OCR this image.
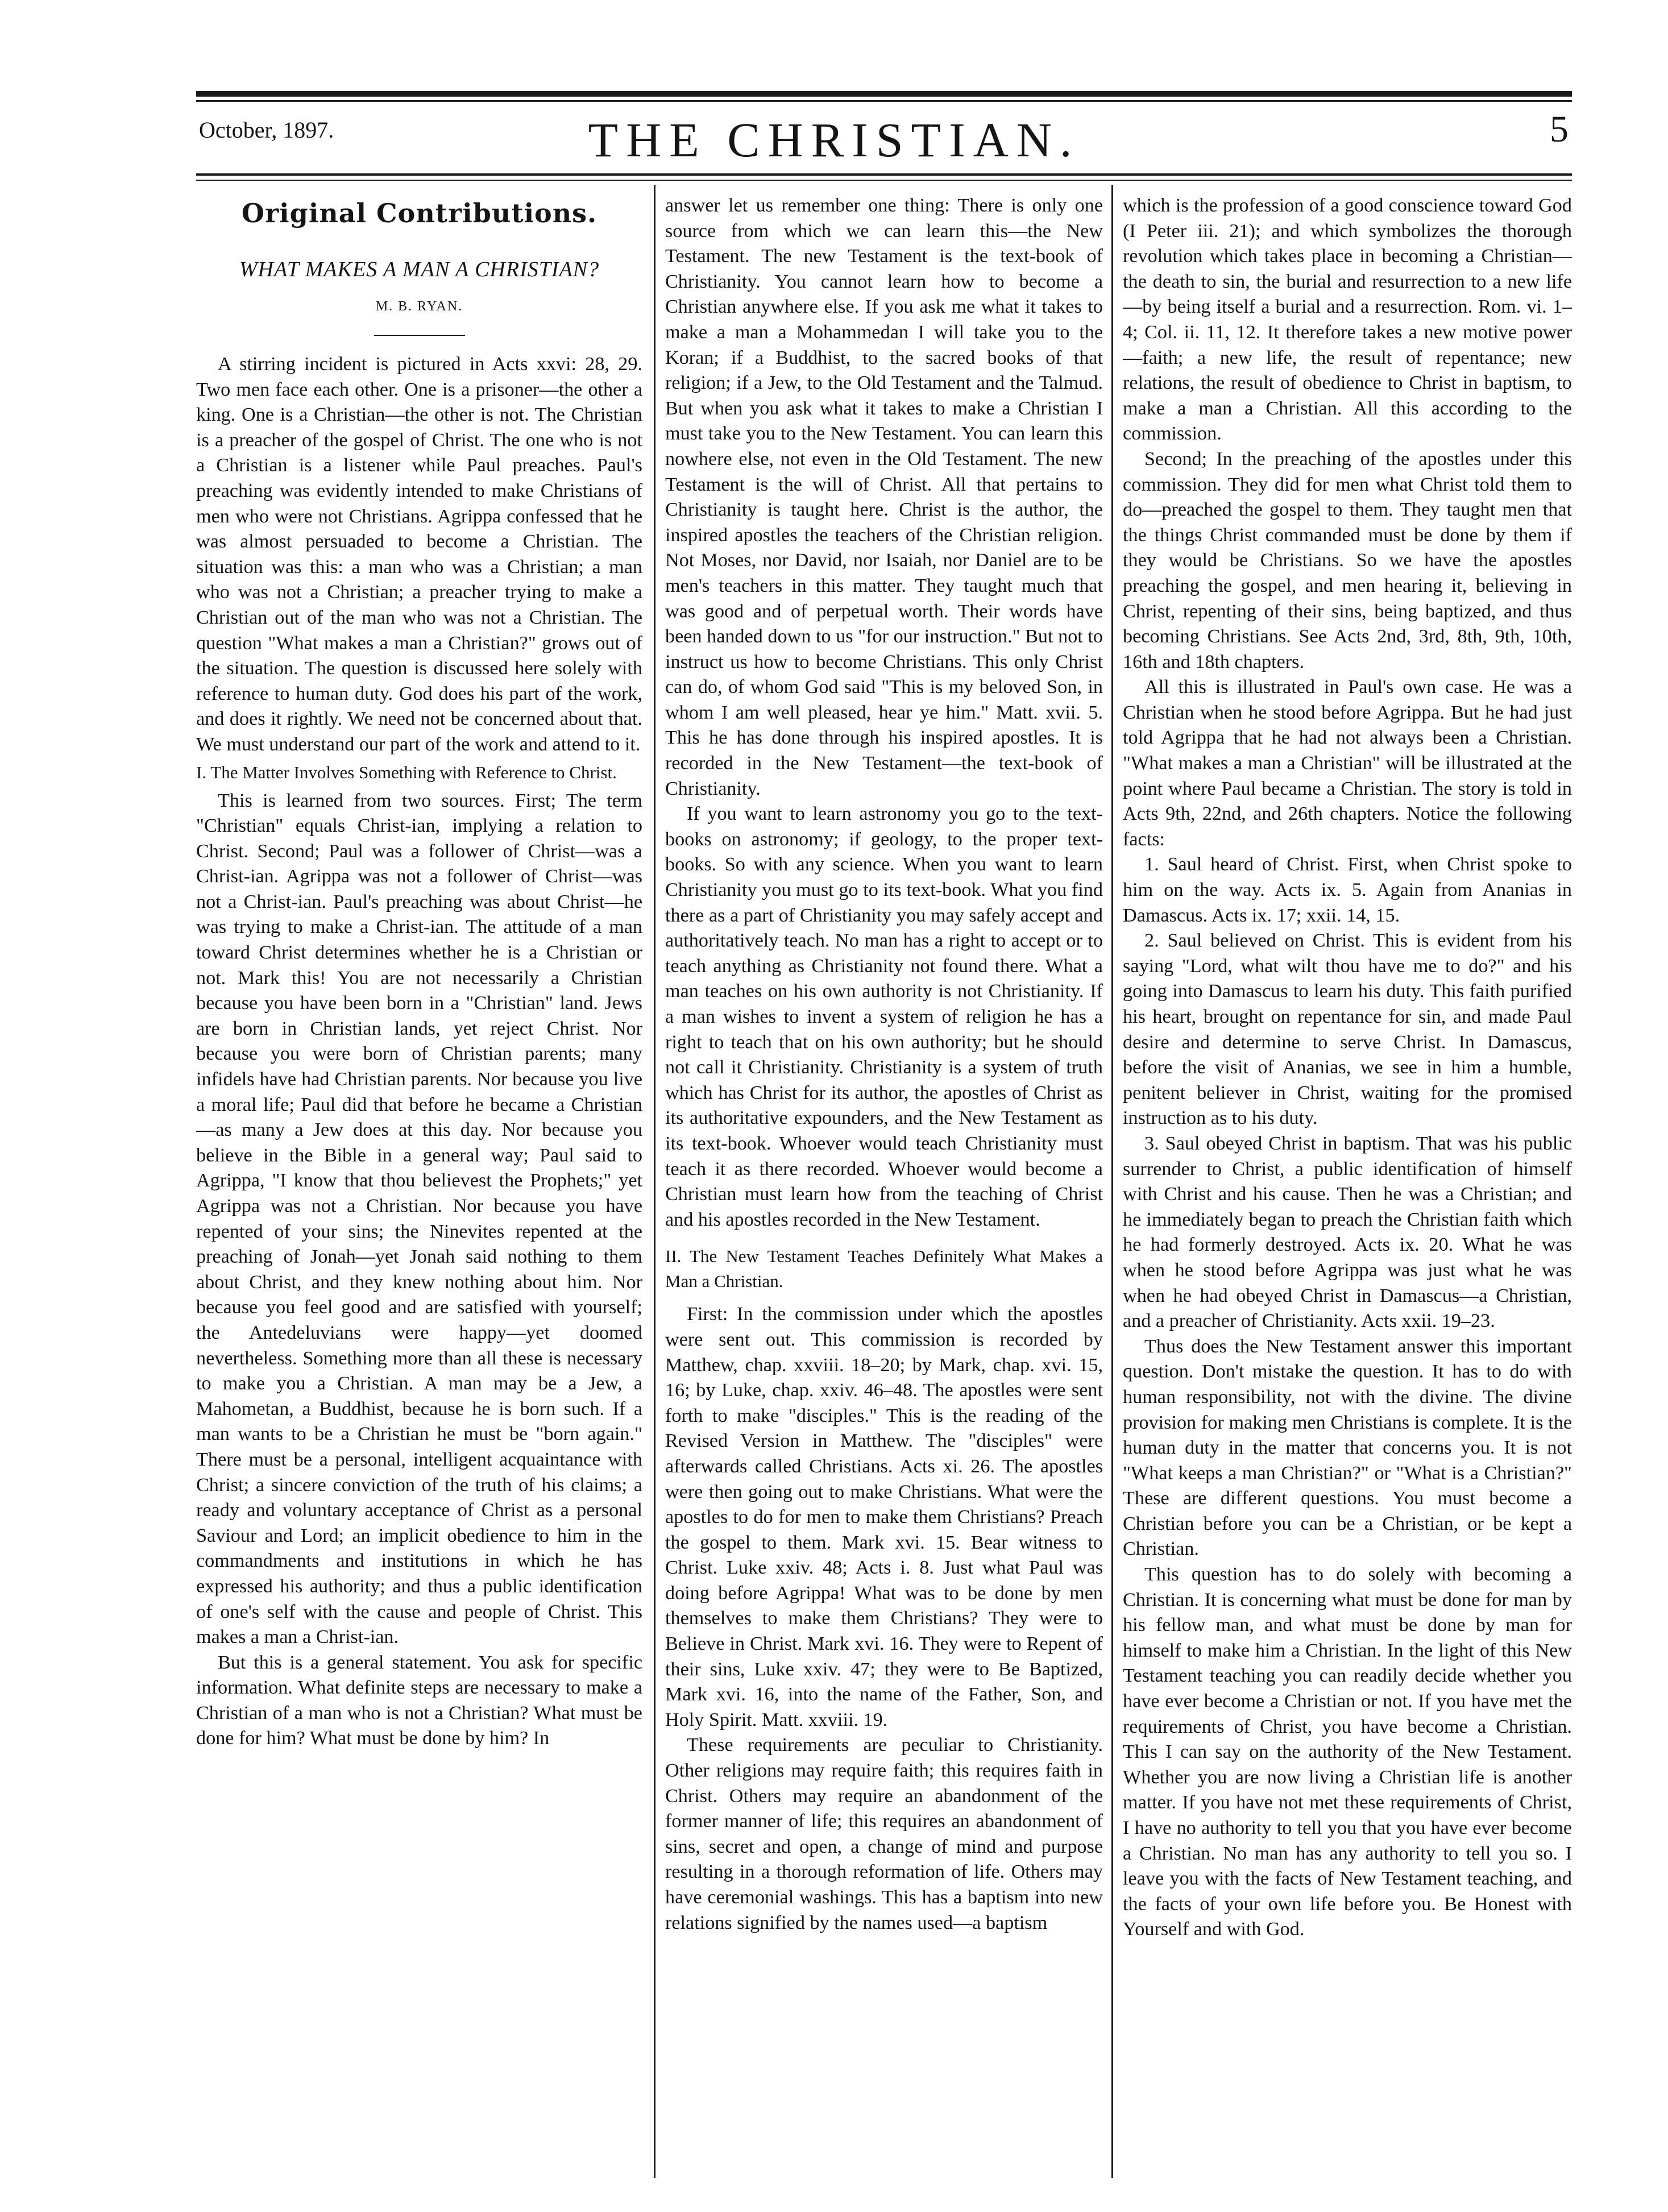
October, 1897.	THE CHRISTIAN.	5
Original Contributions.
WHAT MAKES A MAN A CHRISTIAN?
M. B. RYAN.

A stirring incident is pictured in Acts xxvi: 28, 29. Two men face each other. One is a prisoner—the other a king. One is a Christian—the other is not. The Christian is a preacher of the gospel of Christ. The one who is not a Christian is a listener while Paul preaches. Paul's preaching was evidently intended to make Christians of men who were not Christians. Agrippa confessed that he was almost persuaded to become a Christian. The situation was this: a man who was a Christian; a man who was not a Christian; a preacher trying to make a Christian out of the man who was not a Christian. The question "What makes a man a Christian?" grows out of the situation. The question is discussed here solely with reference to human duty. God does his part of the work, and does it rightly. We need not be concerned about that. We must understand our part of the work and attend to it.

I. The Matter Involves Something with Reference to Christ.

This is learned from two sources. First; The term "Christian" equals Christ-ian, implying a relation to Christ. Second; Paul was a follower of Christ—was a Christ-ian. Agrippa was not a follower of Christ—was not a Christ-ian. Paul's preaching was about Christ—he was trying to make a Christ-ian. The attitude of a man toward Christ determines whether he is a Christian or not. Mark this! You are not necessarily a Christian because you have been born in a "Christian" land. Jews are born in Christian lands, yet reject Christ. Nor because you were born of Christian parents; many infidels have had Christian parents. Nor because you live a moral life; Paul did that before he became a Christian—as many a Jew does at this day. Nor because you believe in the Bible in a general way; Paul said to Agrippa, "I know that thou believest the Prophets;" yet Agrippa was not a Christian. Nor because you have repented of your sins; the Ninevites repented at the preaching of Jonah—yet Jonah said nothing to them about Christ, and they knew nothing about him. Nor because you feel good and are satisfied with yourself; the Antedeluvians were happy—yet doomed nevertheless. Something more than all these is necessary to make you a Christian. A man may be a Jew, a Mahometan, a Buddhist, because he is born such. If a man wants to be a Christian he must be "born again." There must be a personal, intelligent acquaintance with Christ; a sincere conviction of the truth of his claims; a ready and voluntary acceptance of Christ as a personal Saviour and Lord; an implicit obedience to him in the commandments and institutions in which he has expressed his authority; and thus a public identification of one's self with the cause and people of Christ. This makes a man a Christ-ian.

But this is a general statement. You ask for specific information. What definite steps are necessary to make a Christian of a man who is not a Christian? What must be done for him? What must be done by him? In

answer let us remember one thing: There is only one source from which we can learn this—the New Testament. The new Testament is the text-book of Christianity. You cannot learn how to become a Christian anywhere else. If you ask me what it takes to make a man a Mohammedan I will take you to the Koran; if a Buddhist, to the sacred books of that religion; if a Jew, to the Old Testament and the Talmud. But when you ask what it takes to make a Christian I must take you to the New Testament. You can learn this nowhere else, not even in the Old Testament. The new Testament is the will of Christ. All that pertains to Christianity is taught here. Christ is the author, the inspired apostles the teachers of the Christian religion. Not Moses, nor David, nor Isaiah, nor Daniel are to be men's teachers in this matter. They taught much that was good and of perpetual worth. Their words have been handed down to us "for our instruction." But not to instruct us how to become Christians. This only Christ can do, of whom God said "This is my beloved Son, in whom I am well pleased, hear ye him." Matt. xvii. 5. This he has done through his inspired apostles. It is recorded in the New Testament—the text-book of Christianity.

If you want to learn astronomy you go to the text-books on astronomy; if geology, to the proper text-books. So with any science. When you want to learn Christianity you must go to its text-book. What you find there as a part of Christianity you may safely accept and authoritatively teach. No man has a right to accept or to teach anything as Christianity not found there. What a man teaches on his own authority is not Christianity. If a man wishes to invent a system of religion he has a right to teach that on his own authority; but he should not call it Christianity. Christianity is a system of truth which has Christ for its author, the apostles of Christ as its authoritative expounders, and the New Testament as its text-book. Whoever would teach Christianity must teach it as there recorded. Whoever would become a Christian must learn how from the teaching of Christ and his apostles recorded in the New Testament.

II. The New Testament Teaches Definitely What Makes a Man a Christian.

First: In the commission under which the apostles were sent out. This commission is recorded by Matthew, chap. xxviii. 18–20; by Mark, chap. xvi. 15, 16; by Luke, chap. xxiv. 46–48. The apostles were sent forth to make "disciples." This is the reading of the Revised Version in Matthew. The "disciples" were afterwards called Christians. Acts xi. 26. The apostles were then going out to make Christians. What were the apostles to do for men to make them Christians? Preach the gospel to them. Mark xvi. 15. Bear witness to Christ. Luke xxiv. 48; Acts i. 8. Just what Paul was doing before Agrippa! What was to be done by men themselves to make them Christians? They were to Believe in Christ. Mark xvi. 16. They were to Repent of their sins, Luke xxiv. 47; they were to Be Baptized, Mark xvi. 16, into the name of the Father, Son, and Holy Spirit. Matt. xxviii. 19.

These requirements are peculiar to Christianity. Other religions may require faith; this requires faith in Christ. Others may require an abandonment of the former manner of life; this requires an abandonment of sins, secret and open, a change of mind and purpose resulting in a thorough reformation of life. Others may have ceremonial washings. This has a baptism into new relations signified by the names used—a baptism

which is the profession of a good conscience toward God (I Peter iii. 21); and which symbolizes the thorough revolution which takes place in becoming a Christian—the death to sin, the burial and resurrection to a new life—by being itself a burial and a resurrection. Rom. vi. 1–4; Col. ii. 11, 12. It therefore takes a new motive power—faith; a new life, the result of repentance; new relations, the result of obedience to Christ in baptism, to make a man a Christian. All this according to the commission.

Second; In the preaching of the apostles under this commission. They did for men what Christ told them to do—preached the gospel to them. They taught men that the things Christ commanded must be done by them if they would be Christians. So we have the apostles preaching the gospel, and men hearing it, believing in Christ, repenting of their sins, being baptized, and thus becoming Christians. See Acts 2nd, 3rd, 8th, 9th, 10th, 16th and 18th chapters.

All this is illustrated in Paul's own case. He was a Christian when he stood before Agrippa. But he had just told Agrippa that he had not always been a Christian. "What makes a man a Christian" will be illustrated at the point where Paul became a Christian. The story is told in Acts 9th, 22nd, and 26th chapters. Notice the following facts:

1. Saul heard of Christ. First, when Christ spoke to him on the way. Acts ix. 5. Again from Ananias in Damascus. Acts ix. 17; xxii. 14, 15.

2. Saul believed on Christ. This is evident from his saying "Lord, what wilt thou have me to do?" and his going into Damascus to learn his duty. This faith purified his heart, brought on repentance for sin, and made Paul desire and determine to serve Christ. In Damascus, before the visit of Ananias, we see in him a humble, penitent believer in Christ, waiting for the promised instruction as to his duty.

3. Saul obeyed Christ in baptism. That was his public surrender to Christ, a public identification of himself with Christ and his cause. Then he was a Christian; and he immediately began to preach the Christian faith which he had formerly destroyed. Acts ix. 20. What he was when he stood before Agrippa was just what he was when he had obeyed Christ in Damascus—a Christian, and a preacher of Christianity. Acts xxii. 19–23.

Thus does the New Testament answer this important question. Don't mistake the question. It has to do with human responsibility, not with the divine. The divine provision for making men Christians is complete. It is the human duty in the matter that concerns you. It is not "What keeps a man Christian?" or "What is a Christian?" These are different questions. You must become a Christian before you can be a Christian, or be kept a Christian.

This question has to do solely with becoming a Christian. It is concerning what must be done for man by his fellow man, and what must be done by man for himself to make him a Christian. In the light of this New Testament teaching you can readily decide whether you have ever become a Christian or not. If you have met the requirements of Christ, you have become a Christian. This I can say on the authority of the New Testament. Whether you are now living a Christian life is another matter. If you have not met these requirements of Christ, I have no authority to tell you that you have ever become a Christian. No man has any authority to tell you so. I leave you with the facts of New Testament teaching, and the facts of your own life before you. Be Honest with Yourself and with God.
